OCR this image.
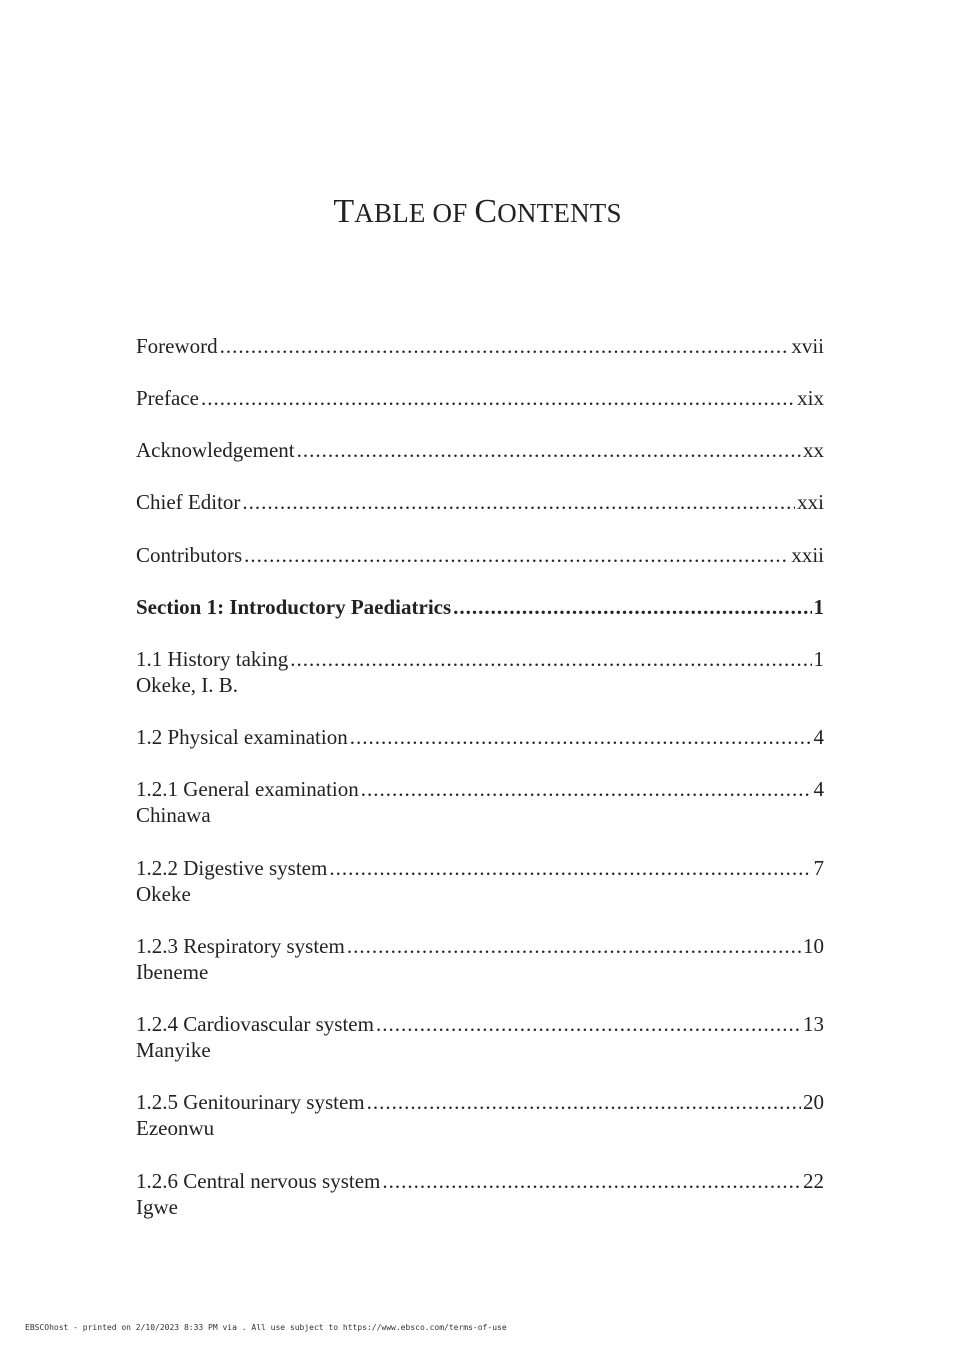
TABLE OF CONTENTS
Foreword .....	xvii
Preface .....	xix
Acknowledgement .....	xx
Chief Editor .....	xxi
Contributors .....	xxii
Section 1: Introductory Paediatrics .....	1
1.1 History taking .....	1
Okeke, I. B.
1.2 Physical examination .....	4
1.2.1 General examination .....	4
Chinawa
1.2.2 Digestive system .....	7
Okeke
1.2.3 Respiratory system .....	10
Ibeneme
1.2.4 Cardiovascular system .....	13
Manyike
1.2.5 Genitourinary system .....	20
Ezeonwu
1.2.6 Central nervous system .....	22
Igwe
EBSCOhost - printed on 2/10/2023 8:33 PM via . All use subject to https://www.ebsco.com/terms-of-use
